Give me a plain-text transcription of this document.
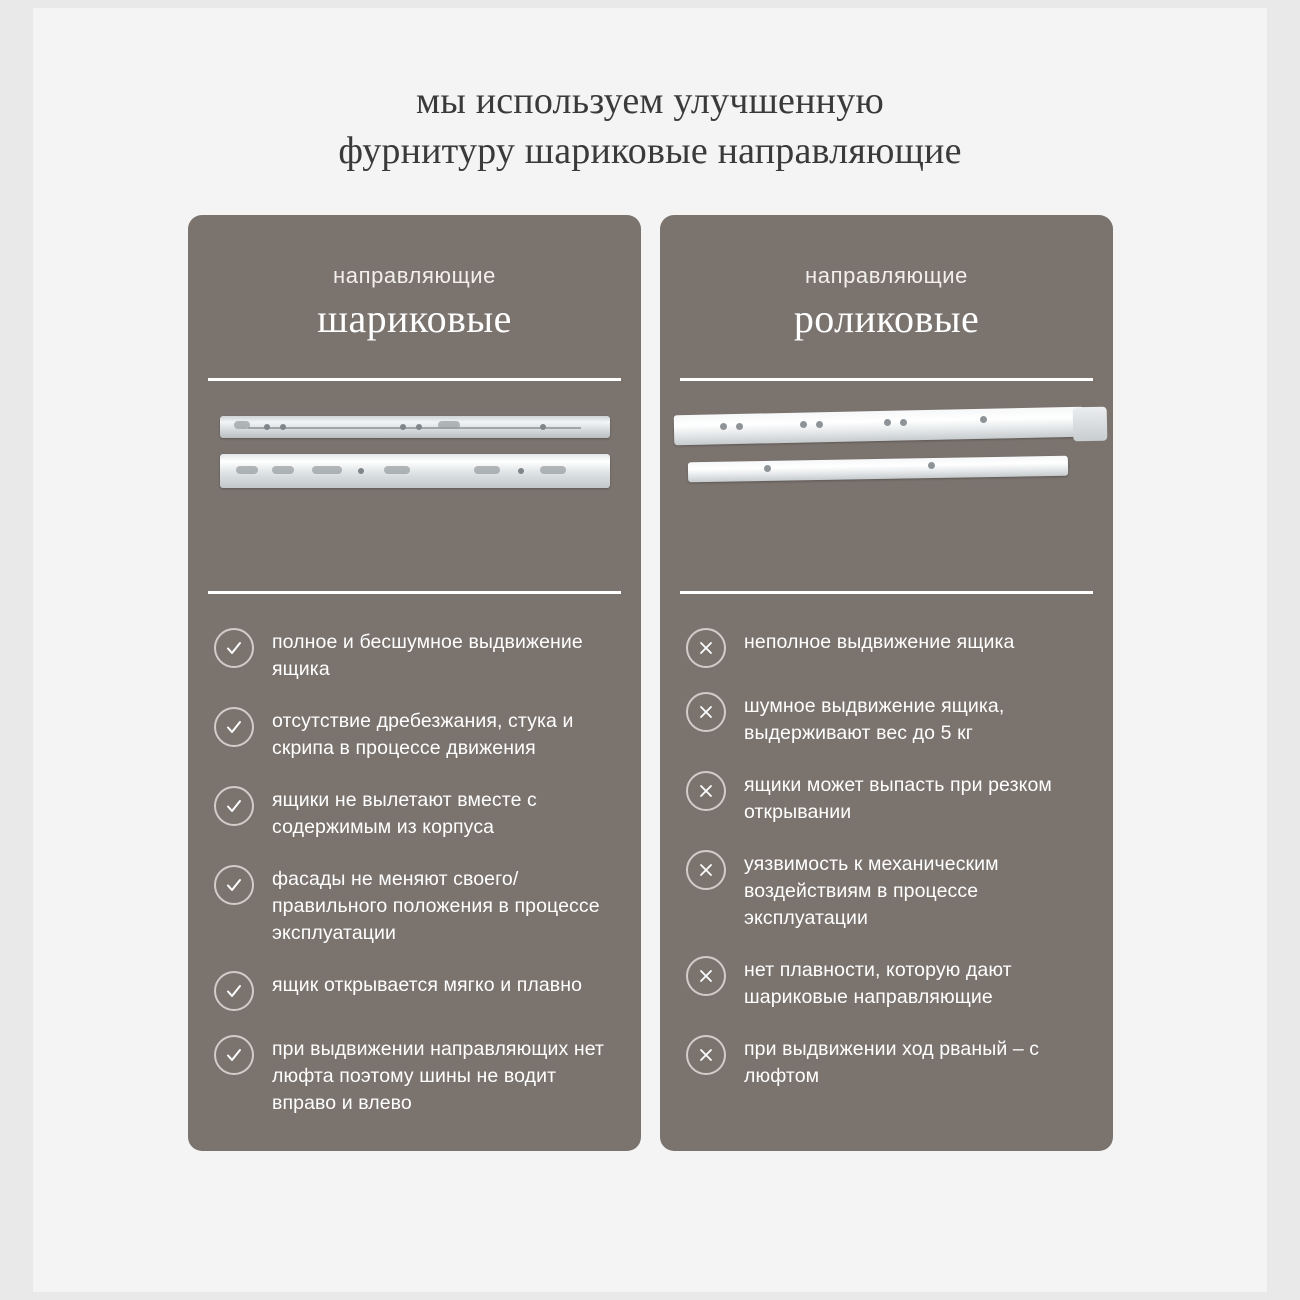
мы используем улучшенную
фурнитуру шариковые направляющие
направляющие
шариковые
полное и бесшумное выдвижение ящика
отсутствие дребезжания, стука и скрипа в процессе движения
ящики не вылетают вместе с содержимым из корпуса
фасады не меняют своего/ правильного положения в процессе эксплуатации
ящик открывается мягко и плавно
при выдвижении направляющих нет люфта поэтому шины не водит вправо и влево
направляющие
роликовые
неполное выдвижение ящика
шумное выдвижение ящика, выдерживают вес до 5 кг
ящики может выпасть при резком открывании
уязвимость к механическим воздействиям в процессе эксплуатации
нет плавности, которую дают шариковые направляющие
при выдвижении ход рваный – с люфтом
